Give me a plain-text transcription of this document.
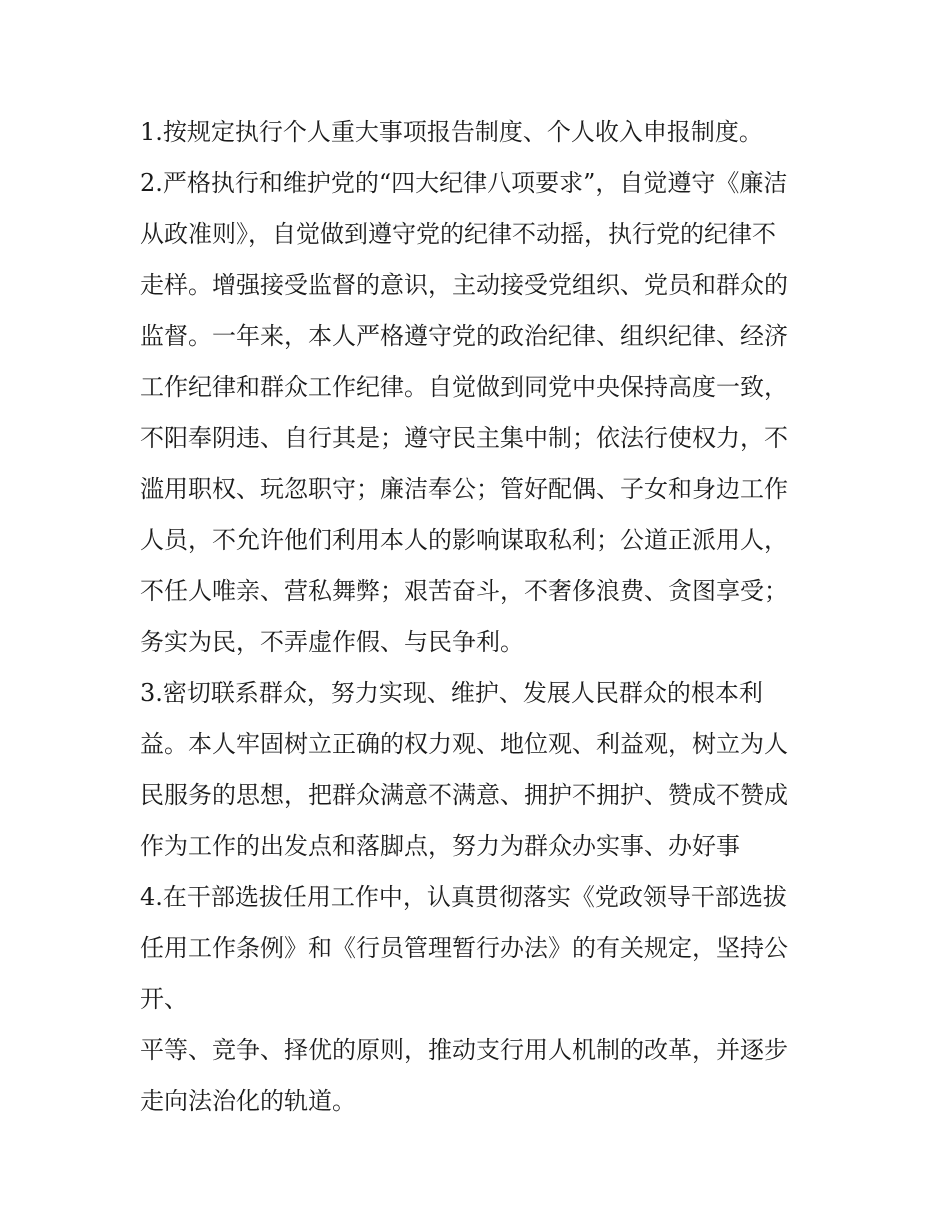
1.按规定执行个人重大事项报告制度、个人收入申报制度。
2.严格执行和维护党的“四大纪律八项要求”，自觉遵守《廉洁
从政准则》，自觉做到遵守党的纪律不动摇，执行党的纪律不
走样。增强接受监督的意识，主动接受党组织、党员和群众的
监督。一年来，本人严格遵守党的政治纪律、组织纪律、经济
工作纪律和群众工作纪律。自觉做到同党中央保持高度一致，
不阳奉阴违、自行其是；遵守民主集中制；依法行使权力，不
滥用职权、玩忽职守；廉洁奉公；管好配偶、子女和身边工作
人员，不允许他们利用本人的影响谋取私利；公道正派用人，
不任人唯亲、营私舞弊；艰苦奋斗，不奢侈浪费、贪图享受；
务实为民，不弄虚作假、与民争利。
3.密切联系群众，努力实现、维护、发展人民群众的根本利
益。本人牢固树立正确的权力观、地位观、利益观，树立为人
民服务的思想，把群众满意不满意、拥护不拥护、赞成不赞成
作为工作的出发点和落脚点，努力为群众办实事、办好事
4.在干部选拔任用工作中，认真贯彻落实《党政领导干部选拔
任用工作条例》和《行员管理暂行办法》的有关规定，坚持公
开、
平等、竞争、择优的原则，推动支行用人机制的改革，并逐步
走向法治化的轨道。
